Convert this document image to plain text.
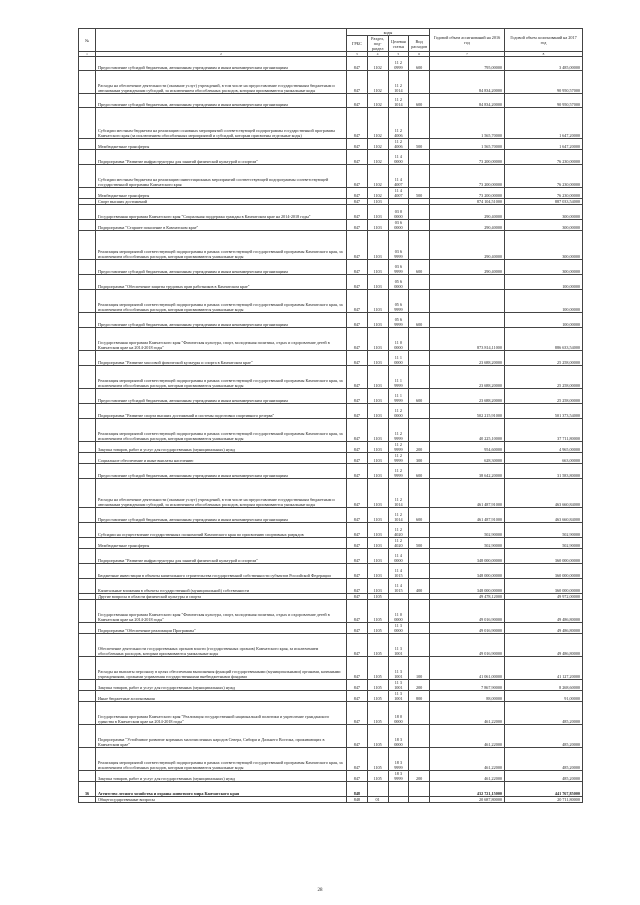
№		коды				Годовой объем ассигнований на 2016 год	Годовой объем ассигнований на 2017 год
		ГРБС	Раздел, под- раздел	Целевая статья	Вид расходов		
1	2	3	4	5	6	7	8
	Предоставление субсидий бюджетным, автономным учреждениям и иным некоммерческим организациям	847	1102	11 2 0999	600	795,00000	3 485,00000
	Расходы на обеспечение деятельности (оказание услуг) учреждений, в том числе на предоставление государственным бюджетным и автономным учреждениям субсидий, за исключением обособленных расходов, которым присваиваются уникальные коды	847	1102	11 2 1014		84 834,20000	90 950,57000
	Предоставление субсидий бюджетным, автономным учреждениям и иным некоммерческим организациям	847	1102	11 2 1014	600	84 834,20000	90 950,57000
	Субсидии местным бюджетам на реализацию основных мероприятий соответствующей подпрограммы государственной программы Камчатского края (за исключением обособленных мероприятий и субсидий, которым присвоены отдельные коды)	847	1102	11 2 4006		1 565,70000	1 647,20000
	Межбюджетные трансферты	847	1102	11 2 4006	500	1 565,70000	1 647,20000
	Подпрограмма "Развитие инфраструктуры для занятий физической культурой и спортом"	847	1102	11 4 0000		73 200,00000	76 230,00000
	Субсидии местным бюджетам на реализацию инвестиционных мероприятий соответствующей подпрограммы соответствующей государственной программы Камчатского края	847	1102	11 4 4007		73 200,00000	76 230,00000
	Межбюджетные трансферты	847	1102	11 4 4007	500	73 200,00000	76 230,00000
	Спорт высших достижений	847	1103			874 104,51000	887 033,54000
	Государственная программа Камчатского края "Социальная поддержка граждан в Камчатском крае на 2014-2018 годы"	847	1103	03 0 0000		290,40000	300,00000
	Подпрограмма "Старшее поколение в Камчатском крае"	847	1103	03 6 0000		290,40000	300,00000
	Реализация мероприятий соответствующей подпрограммы в рамках соответствующей государственной программы Камчатского края, за исключением обособленных расходов, которым присваиваются уникальные коды	847	1103	03 6 9999		290,40000	300,00000
	Предоставление субсидий бюджетным, автономным учреждениям и иным некоммерческим организациям	847	1103	03 6 9999	600	290,40000	300,00000
	Подпрограмма "Обеспечение защиты трудовых прав работников в Камчатском крае"	847	1103	05 6 0000			100,00000
	Реализация мероприятий соответствующей подпрограммы в рамках соответствующей государственной программы Камчатского края, за исключением обособленных расходов, которым присваиваются уникальные коды	847	1103	05 6 9999			100,00000
	Предоставление субсидий бюджетным, автономным учреждениям и иным некоммерческим организациям	847	1103	05 6 9999	600		100,00000
	Государственная программа Камчатского края "Физическая культура, спорт, молодежная политика, отдых и оздоровление детей в Камчатском крае на 2014-2018 годы"	847	1103	11 0 0000		873 814,11000	886 633,54000
	Подпрограмма "Развитие массовой физической культуры и спорта в Камчатском крае"	847	1103	11 1 0000		23 688,20000	25 258,00000
	Реализация мероприятий соответствующей подпрограммы в рамках соответствующей государственной программы Камчатского края, за исключением обособленных расходов, которым присваиваются уникальные коды	847	1103	11 1 9999		23 688,20000	25 258,00000
	Предоставление субсидий бюджетным, автономным учреждениям и иным некоммерческим организациям	847	1103	11 1 9999	600	23 688,20000	25 258,00000
	Подпрограмма "Развитие спорта высших достижений и системы подготовки спортивного резерва"	847	1103	11 2 0000		502 215,91000	501 373,54000
	Реализация мероприятий соответствующей подпрограммы в рамках соответствующей государственной программы Камчатского края, за исключением обособленных расходов, которым присваиваются уникальные коды	847	1103	11 2 9999		40 225,10000	37 711,80000
	Закупка товаров, работ и услуг для государственных (муниципальных) нужд	847	1103	11 2 9999	200	954,60000	4 965,00000
	Социальное обеспечение и иные выплаты населению	847	1103	11 2 9999	300	628,30000	663,00000
	Предоставление субсидий бюджетным, автономным учреждениям и иным некоммерческим организациям	847	1103	11 2 9999	600	38 642,20000	31 583,80000
	Расходы на обеспечение деятельности (оказание услуг) учреждений, в том числе на предоставление государственным бюджетным и автономным учреждениям субсидий, за исключением обособленных расходов, которым присваиваются уникальные коды	847	1103	11 2 1014		461 487,91000	463 660,84000
	Предоставление субсидий бюджетным, автономным учреждениям и иным некоммерческим организациям	847	1103	11 2 1014	600	461 487,91000	463 660,84000
	Субсидии на осуществление государственных полномочий Камчатского края по присвоению спортивных разрядов	847	1103	11 2 4020		502,90000	502,90000
	Межбюджетные трансферты	847	1103	11 2 4020	500	502,90000	502,90000
	Подпрограмма "Развитие инфраструктуры для занятий физической культурой и спортом"	847	1103	11 4 0000		348 000,00000	360 000,00000
	Бюджетные инвестиции в объекты капитального строительства государственной собственности субъектов Российской Федерации	847	1103	11 4 1015		348 000,00000	360 000,00000
	Капитальные вложения в объекты государственной (муниципальной) собственности	847	1103	11 4 1015	400	348 000,00000	360 000,00000
	Другие вопросы в области физической культуры и спорта	847	1105			49 478,12000	49 972,00000
	Государственная программа Камчатского края "Физическая культура, спорт, молодежная политика, отдых и оздоровление детей в Камчатском крае на 2014-2018 годы"	847	1105	11 0 0000		49 016,90000	49 486,80000
	Подпрограмма "Обеспечение реализации Программы"	847	1105	11 3 0000		49 016,90000	49 486,80000
	Обеспечение деятельности государственных органов власти (государственных органов) Камчатского края, за исключением обособленных расходов, которым присваиваются уникальные коды	847	1105	11 3 1001		49 016,90000	49 486,80000
	Расходы на выплаты персоналу в целях обеспечения выполнения функций государственными (муниципальными) органами, казенными учреждениями, органами управления государственными внебюджетными фондами	847	1105	11 3 1001	100	41 061,00000	41 127,20000
	Закупка товаров, работ и услуг для государственных (муниципальных) нужд	847	1105	11 3 1001	200	7 867,90000	8 268,60000
	Иные бюджетные ассигнования	847	1105	11 3 1001	800	88,00000	91,00000
	Государственная программа Камчатского края "Реализация государственной национальной политики и укрепление гражданского единства в Камчатском крае на 2014-2018 годы"	847	1105	18 0 0000		461,22000	485,20000
	Подпрограмма "Устойчивое развитие коренных малочисленных народов Севера, Сибири и Дальнего Востока, проживающих в Камчатском крае"	847	1105	18 3 0000		461,22000	485,20000
	Реализация мероприятий соответствующей подпрограммы в рамках соответствующей государственной программы Камчатского края, за исключением обособленных расходов, которым присваиваются уникальные коды	847	1105	18 3 9999		461,22000	485,20000
	Закупка товаров, работ и услуг для государственных (муниципальных) нужд	847	1105	18 3 9999	200	461,22000	485,20000
36	Агентство лесного хозяйства и охраны животного мира Камчатского края	848				432 721,15000	441 767,85000
	Общегосударственные вопросы	848	01			20 687,80000	20 711,80000
28
